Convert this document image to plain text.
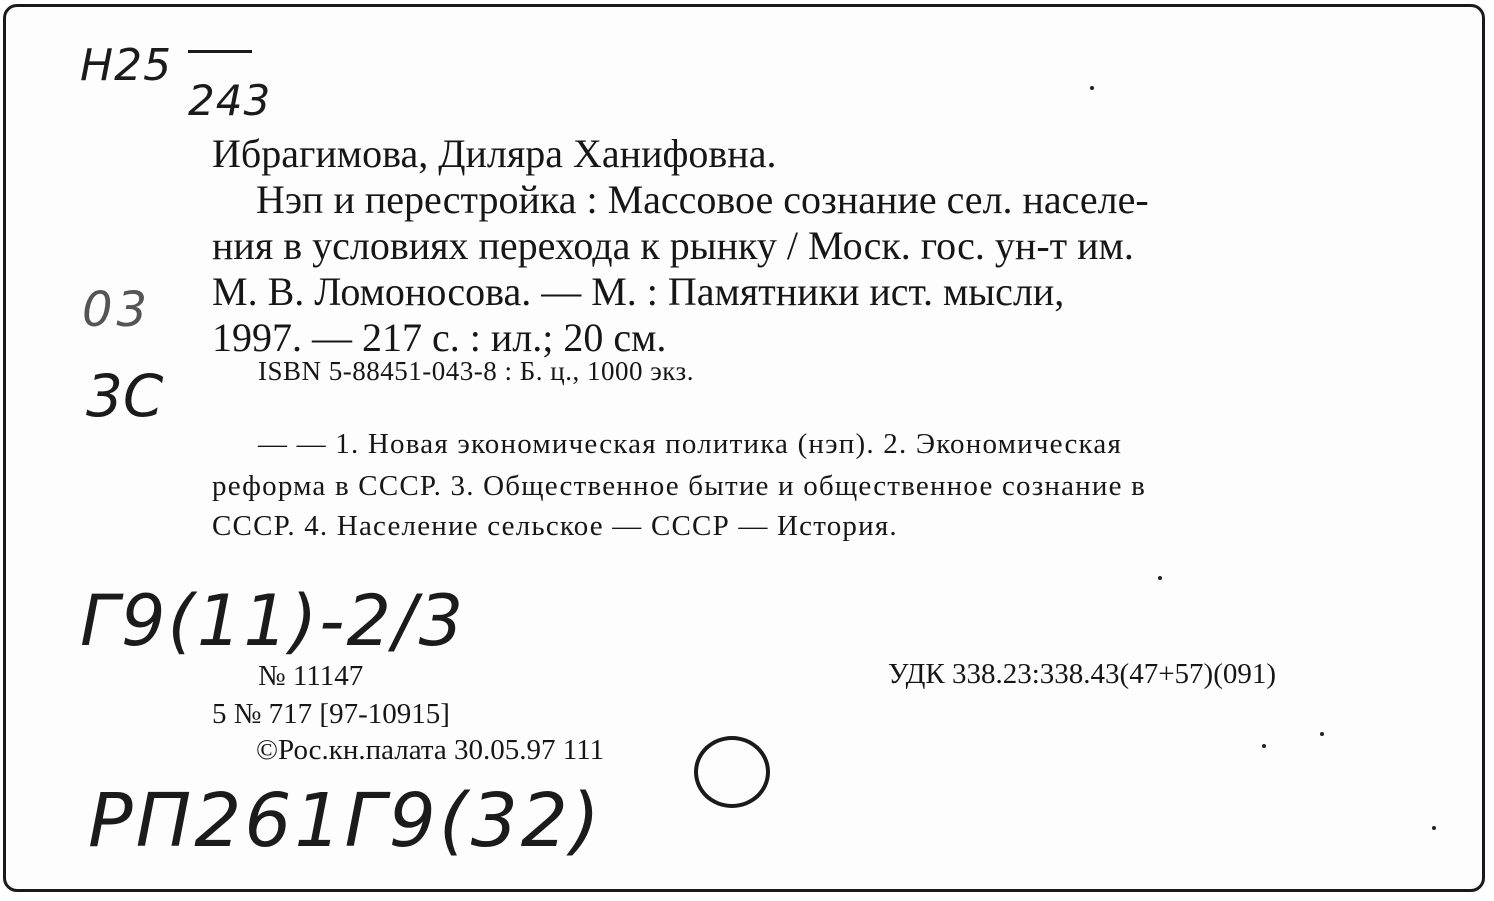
Н25
243
03
3С
Г9(11)-2/3
РП261Г9(32)
Ибрагимова, Диляра Ханифовна.
Нэп и перестройка : Массовое сознание сел. населе-
ния в условиях перехода к рынку / Моск. гос. ун-т им.
М. В. Ломоносова. — М. : Памятники ист. мысли,
1997. — 217 с. : ил.; 20 см.
ISBN 5-88451-043-8 : Б. ц., 1000 экз.
— — 1. Новая экономическая политика (нэп). 2. Экономическая
реформа в СССР. 3. Общественное бытие и общественное сознание в
СССР. 4. Население сельское — СССР — История.
№ 11147	УДК 338.23:338.43(47+57)(091)
5 № 717 [97-10915]
©Рос.кн.палата 30.05.97 111
